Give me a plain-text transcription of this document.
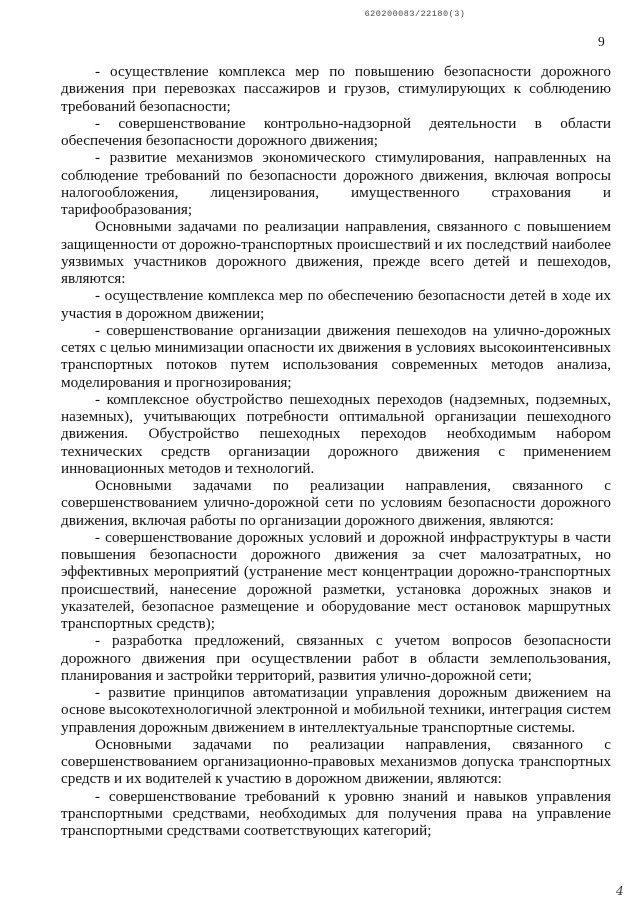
620200083/22180(3)
9

- осуществление комплекса мер по повышению безопасности дорожного движения при перевозках пассажиров и грузов, стимулирующих к соблюдению требований безопасности;

- совершенствование контрольно-надзорной деятельности в области обеспечения безопасности дорожного движения;

- развитие механизмов экономического стимулирования, направленных на соблюдение требований по безопасности дорожного движения, включая вопросы налогообложения, лицензирования, имущественного страхования и тарифообразования;

Основными задачами по реализации направления, связанного с повышением защищенности от дорожно-транспортных происшествий и их последствий наиболее уязвимых участников дорожного движения, прежде всего детей и пешеходов, являются:

- осуществление комплекса мер по обеспечению безопасности детей в ходе их участия в дорожном движении;

- совершенствование организации движения пешеходов на улично-дорожных сетях с целью минимизации опасности их движения в условиях высокоинтенсивных транспортных потоков путем использования современных методов анализа, моделирования и прогнозирования;

- комплексное обустройство пешеходных переходов (надземных, подземных, наземных), учитывающих потребности оптимальной организации пешеходного движения. Обустройство пешеходных переходов необходимым набором технических средств организации дорожного движения с применением инновационных методов и технологий.

Основными задачами по реализации направления, связанного с совершенствованием улично-дорожной сети по условиям безопасности дорожного движения, включая работы по организации дорожного движения, являются:

- совершенствование дорожных условий и дорожной инфраструктуры в части повышения безопасности дорожного движения за счет малозатратных, но эффективных мероприятий (устранение мест концентрации дорожно-транспортных происшествий, нанесение дорожной разметки, установка дорожных знаков и указателей, безопасное размещение и оборудование мест остановок маршрутных транспортных средств);

- разработка предложений, связанных с учетом вопросов безопасности дорожного движения при осуществлении работ в области землепользования, планирования и застройки территорий, развития улично-дорожной сети;

- развитие принципов автоматизации управления дорожным движением на основе высокотехнологичной электронной и мобильной техники, интеграция систем управления дорожным движением в интеллектуальные транспортные системы.

Основными задачами по реализации направления, связанного с совершенствованием организационно-правовых механизмов допуска транспортных средств и их водителей к участию в дорожном движении, являются:

- совершенствование требований к уровню знаний и навыков управления транспортными средствами, необходимых для получения права на управление транспортными средствами соответствующих категорий;

4
